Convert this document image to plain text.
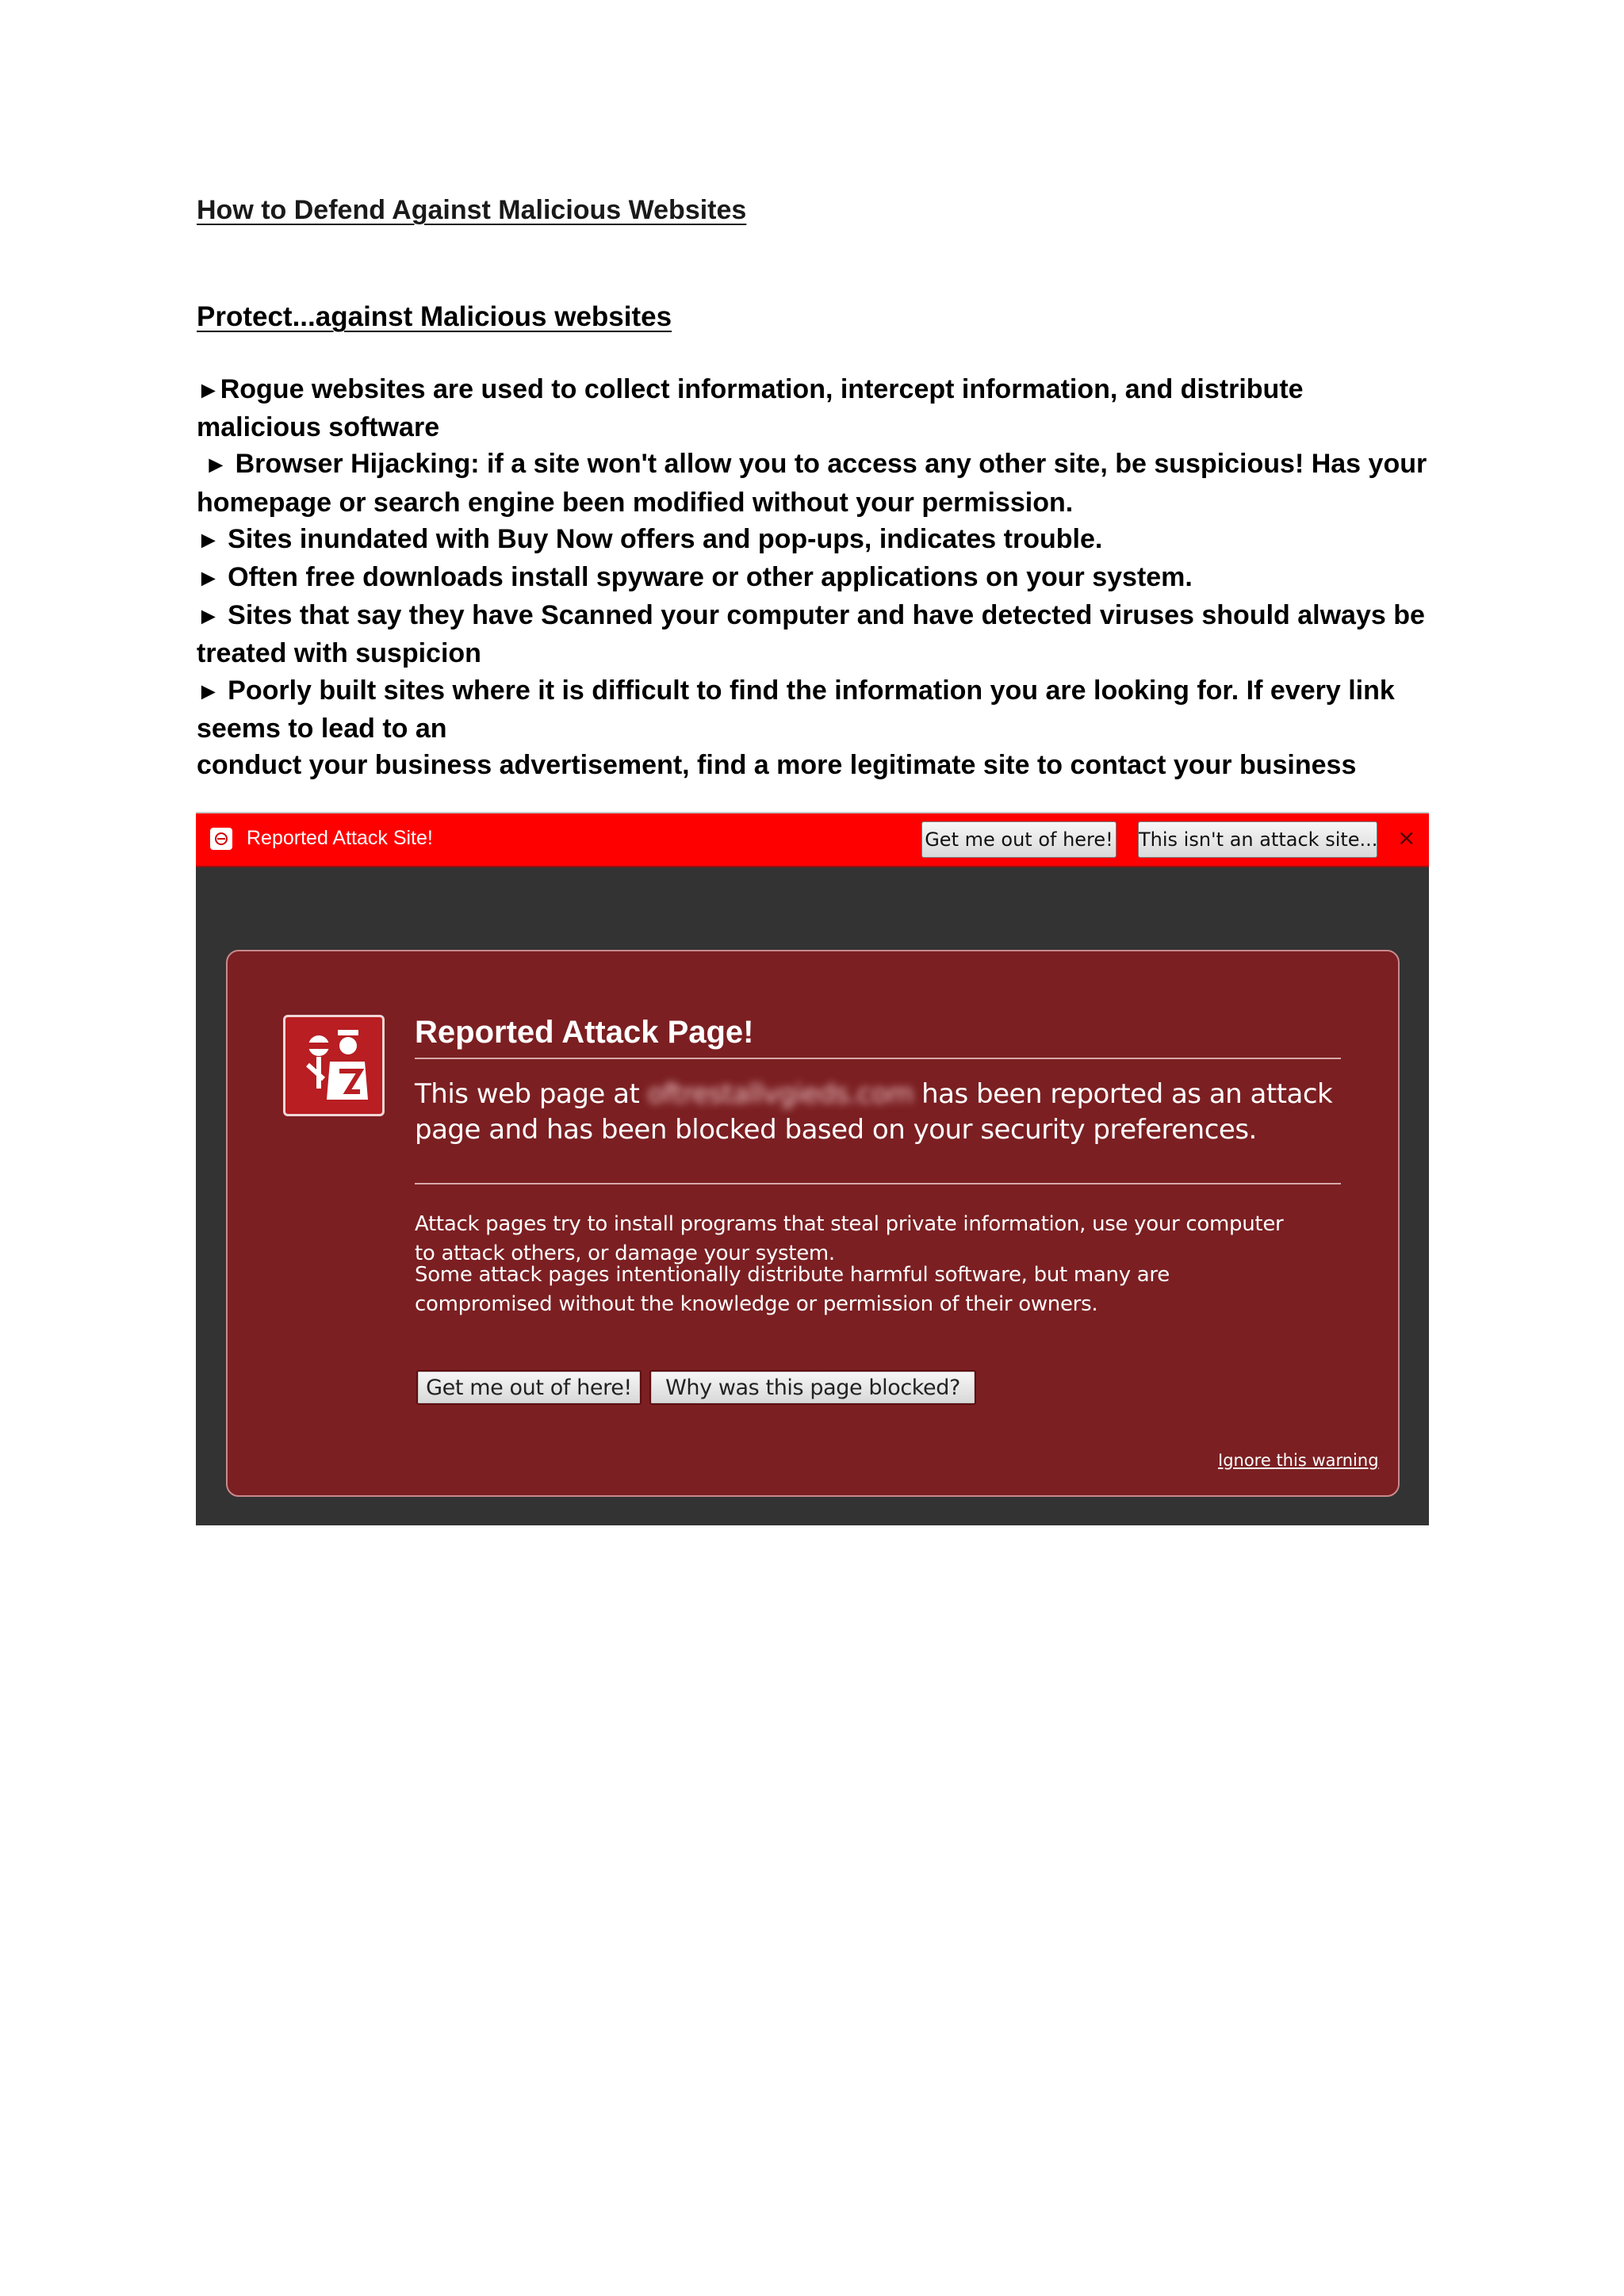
How to Defend Against Malicious Websites
Protect...against Malicious websites
►Rogue websites are used to collect information, intercept information, and distribute malicious software
► Browser Hijacking: if a site won't allow you to access any other site, be suspicious! Has your homepage or search engine been modified without your permission.
► Sites inundated with Buy Now offers and pop-ups, indicates trouble.
► Often free downloads install spyware or other applications on your system.
► Sites that say they have Scanned your computer and have detected viruses should always be treated with suspicion
► Poorly built sites where it is difficult to find the information you are looking for. If every link seems to lead to an
conduct your business advertisement, find a more legitimate site to contact your business
Reported Attack Site!	Get me out of here! This isn't an attack site... ×
Reported Attack Page!
This web page at oftrestallvgieds.com has been reported as an attack page and has been blocked based on your security preferences.
Attack pages try to install programs that steal private information, use your computer to attack others, or damage your system.
Some attack pages intentionally distribute harmful software, but many are compromised without the knowledge or permission of their owners.
Get me out of here!	Why was this page blocked?
Ignore this warning
